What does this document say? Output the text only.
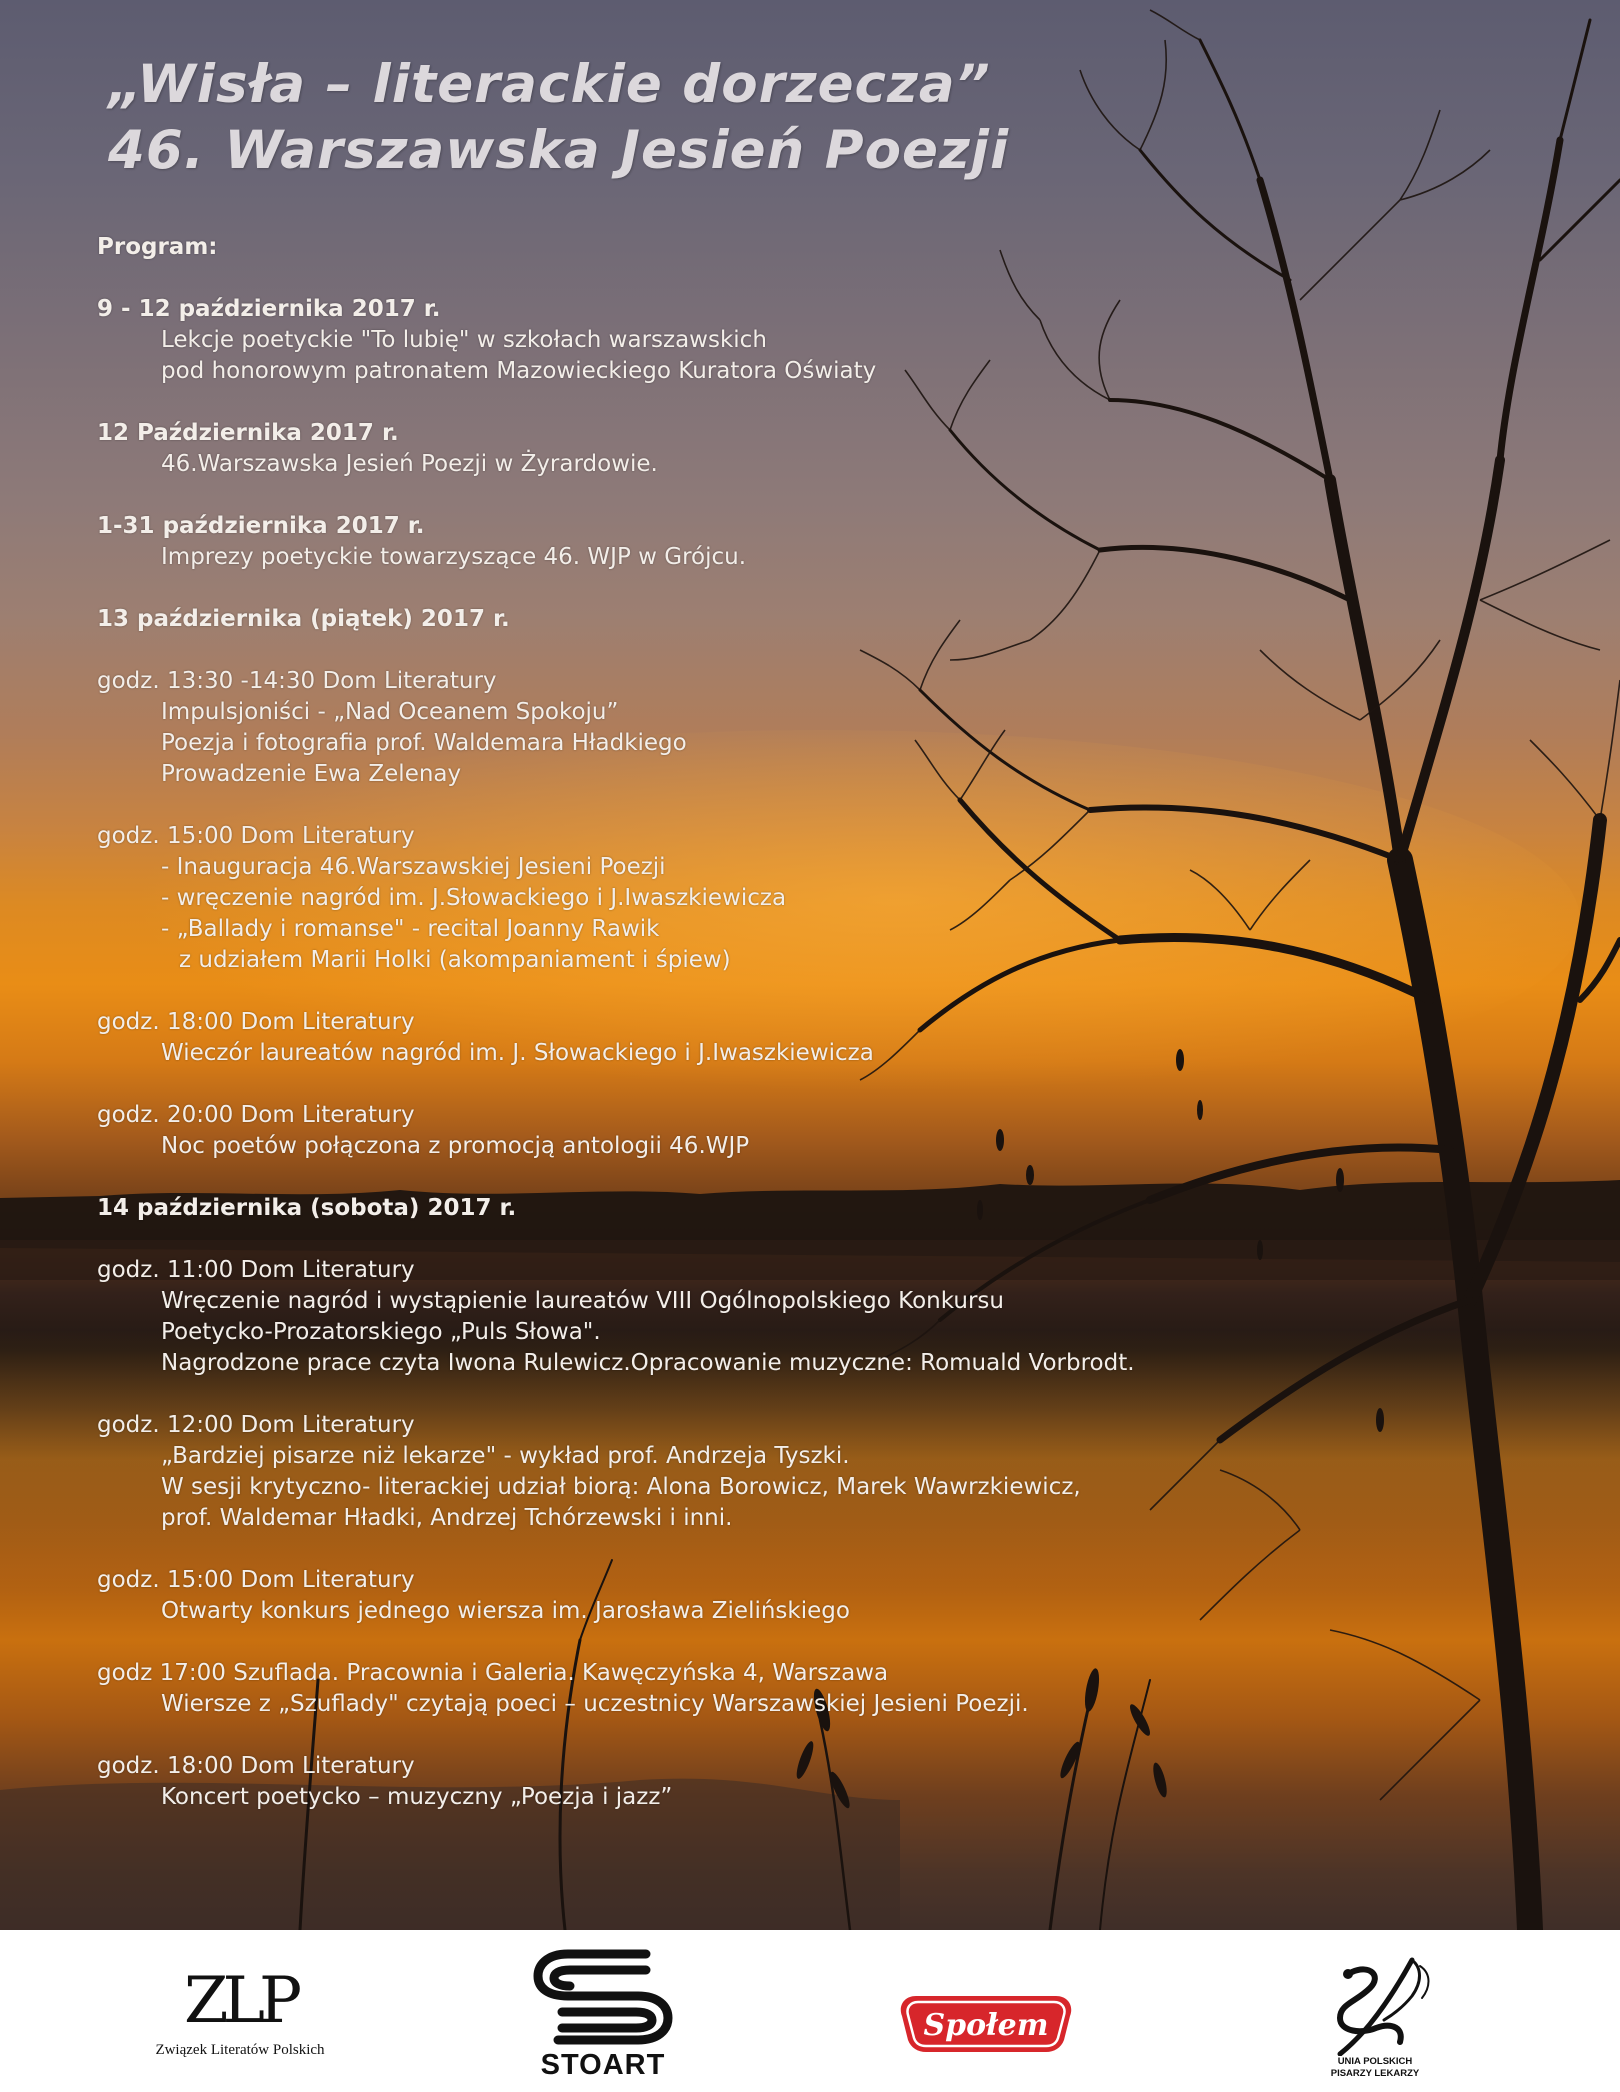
„Wisła – literackie dorzecza”
46. Warszawska Jesień Poezji
Program:
9 - 12 października 2017 r.
Lekcje poetyckie "To lubię" w szkołach warszawskich
pod honorowym patronatem Mazowieckiego Kuratora Oświaty
12 Października 2017 r.
46.Warszawska Jesień Poezji w Żyrardowie.
1-31 października 2017 r.
Imprezy poetyckie towarzyszące 46. WJP w Grójcu.
13 października (piątek) 2017 r.
godz. 13:30 -14:30 Dom Literatury
Impulsjoniści - „Nad Oceanem Spokoju”
Poezja i fotografia prof. Waldemara Hładkiego
Prowadzenie Ewa Zelenay
godz. 15:00 Dom Literatury
- Inauguracja 46.Warszawskiej Jesieni Poezji
- wręczenie nagród im. J.Słowackiego i J.Iwaszkiewicza
- „Ballady i romanse" - recital Joanny Rawik
z udziałem Marii Holki (akompaniament i śpiew)
godz. 18:00 Dom Literatury
Wieczór laureatów nagród im. J. Słowackiego i J.Iwaszkiewicza
godz. 20:00 Dom Literatury
Noc poetów połączona z promocją antologii 46.WJP
14 października (sobota) 2017 r.
godz. 11:00 Dom Literatury
Wręczenie nagród i wystąpienie laureatów VIII Ogólnopolskiego Konkursu
Poetycko-Prozatorskiego „Puls Słowa".
Nagrodzone prace czyta Iwona Rulewicz.Opracowanie muzyczne: Romuald Vorbrodt.
godz. 12:00 Dom Literatury
„Bardziej pisarze niż lekarze" - wykład prof. Andrzeja Tyszki.
W sesji krytyczno- literackiej udział biorą: Alona Borowicz, Marek Wawrzkiewicz,
prof. Waldemar Hładki, Andrzej Tchórzewski i inni.
godz. 15:00 Dom Literatury
Otwarty konkurs jednego wiersza im. Jarosława Zielińskiego
godz 17:00 Szuflada. Pracownia i Galeria. Kawęczyńska 4, Warszawa
Wiersze z „Szuflady" czytają poeci – uczestnicy Warszawskiej Jesieni Poezji.
godz. 18:00 Dom Literatury
Koncert poetycko – muzyczny „Poezja i jazz”
ZLP
Związek Literatów Polskich	STOART
Społem
UNIA POLSKICH
PISARZY LEKARZY
